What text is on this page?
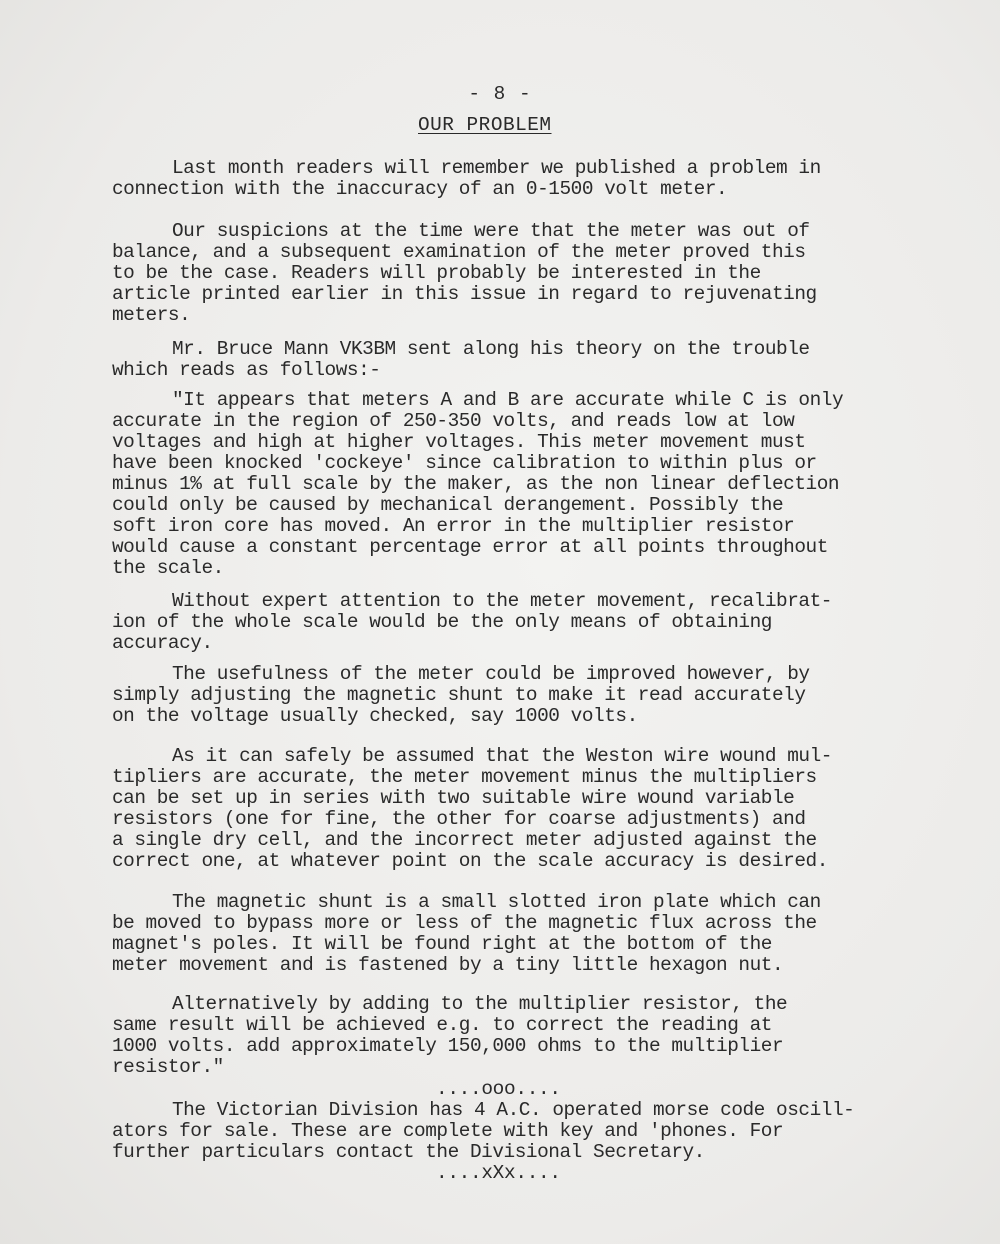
- 8 -
OUR PROBLEM
Last month readers will remember we published a problem in
connection with the inaccuracy of an 0-1500 volt meter.
Our suspicions at the time were that the meter was out of
balance, and a subsequent examination of the meter proved this
to be the case. Readers will probably be interested in the
article printed earlier in this issue in regard to rejuvenating
meters.
Mr. Bruce Mann VK3BM sent along his theory on the trouble
which reads as follows:-
"It appears that meters A and B are accurate while C is only
accurate in the region of 250-350 volts, and reads low at low
voltages and high at higher voltages. This meter movement must
have been knocked 'cockeye' since calibration to within plus or
minus 1% at full scale by the maker, as the non linear deflection
could only be caused by mechanical derangement. Possibly the
soft iron core has moved. An error in the multiplier resistor
would cause a constant percentage error at all points throughout
the scale.
Without expert attention to the meter movement, recalibrat-
ion of the whole scale would be the only means of obtaining
accuracy.
The usefulness of the meter could be improved however, by
simply adjusting the magnetic shunt to make it read accurately
on the voltage usually checked, say 1000 volts.
As it can safely be assumed that the Weston wire wound mul-
tipliers are accurate, the meter movement minus the multipliers
can be set up in series with two suitable wire wound variable
resistors (one for fine, the other for coarse adjustments) and
a single dry cell, and the incorrect meter adjusted against the
correct one, at whatever point on the scale accuracy is desired.
The magnetic shunt is a small slotted iron plate which can
be moved to bypass more or less of the magnetic flux across the
magnet's poles. It will be found right at the bottom of the
meter movement and is fastened by a tiny little hexagon nut.
Alternatively by adding to the multiplier resistor, the
same result will be achieved e.g. to correct the reading at
1000 volts. add approximately 150,000 ohms to the multiplier
resistor."
....ooo....
The Victorian Division has 4 A.C. operated morse code oscill-
ators for sale. These are complete with key and 'phones. For
further particulars contact the Divisional Secretary.
....xXx....
